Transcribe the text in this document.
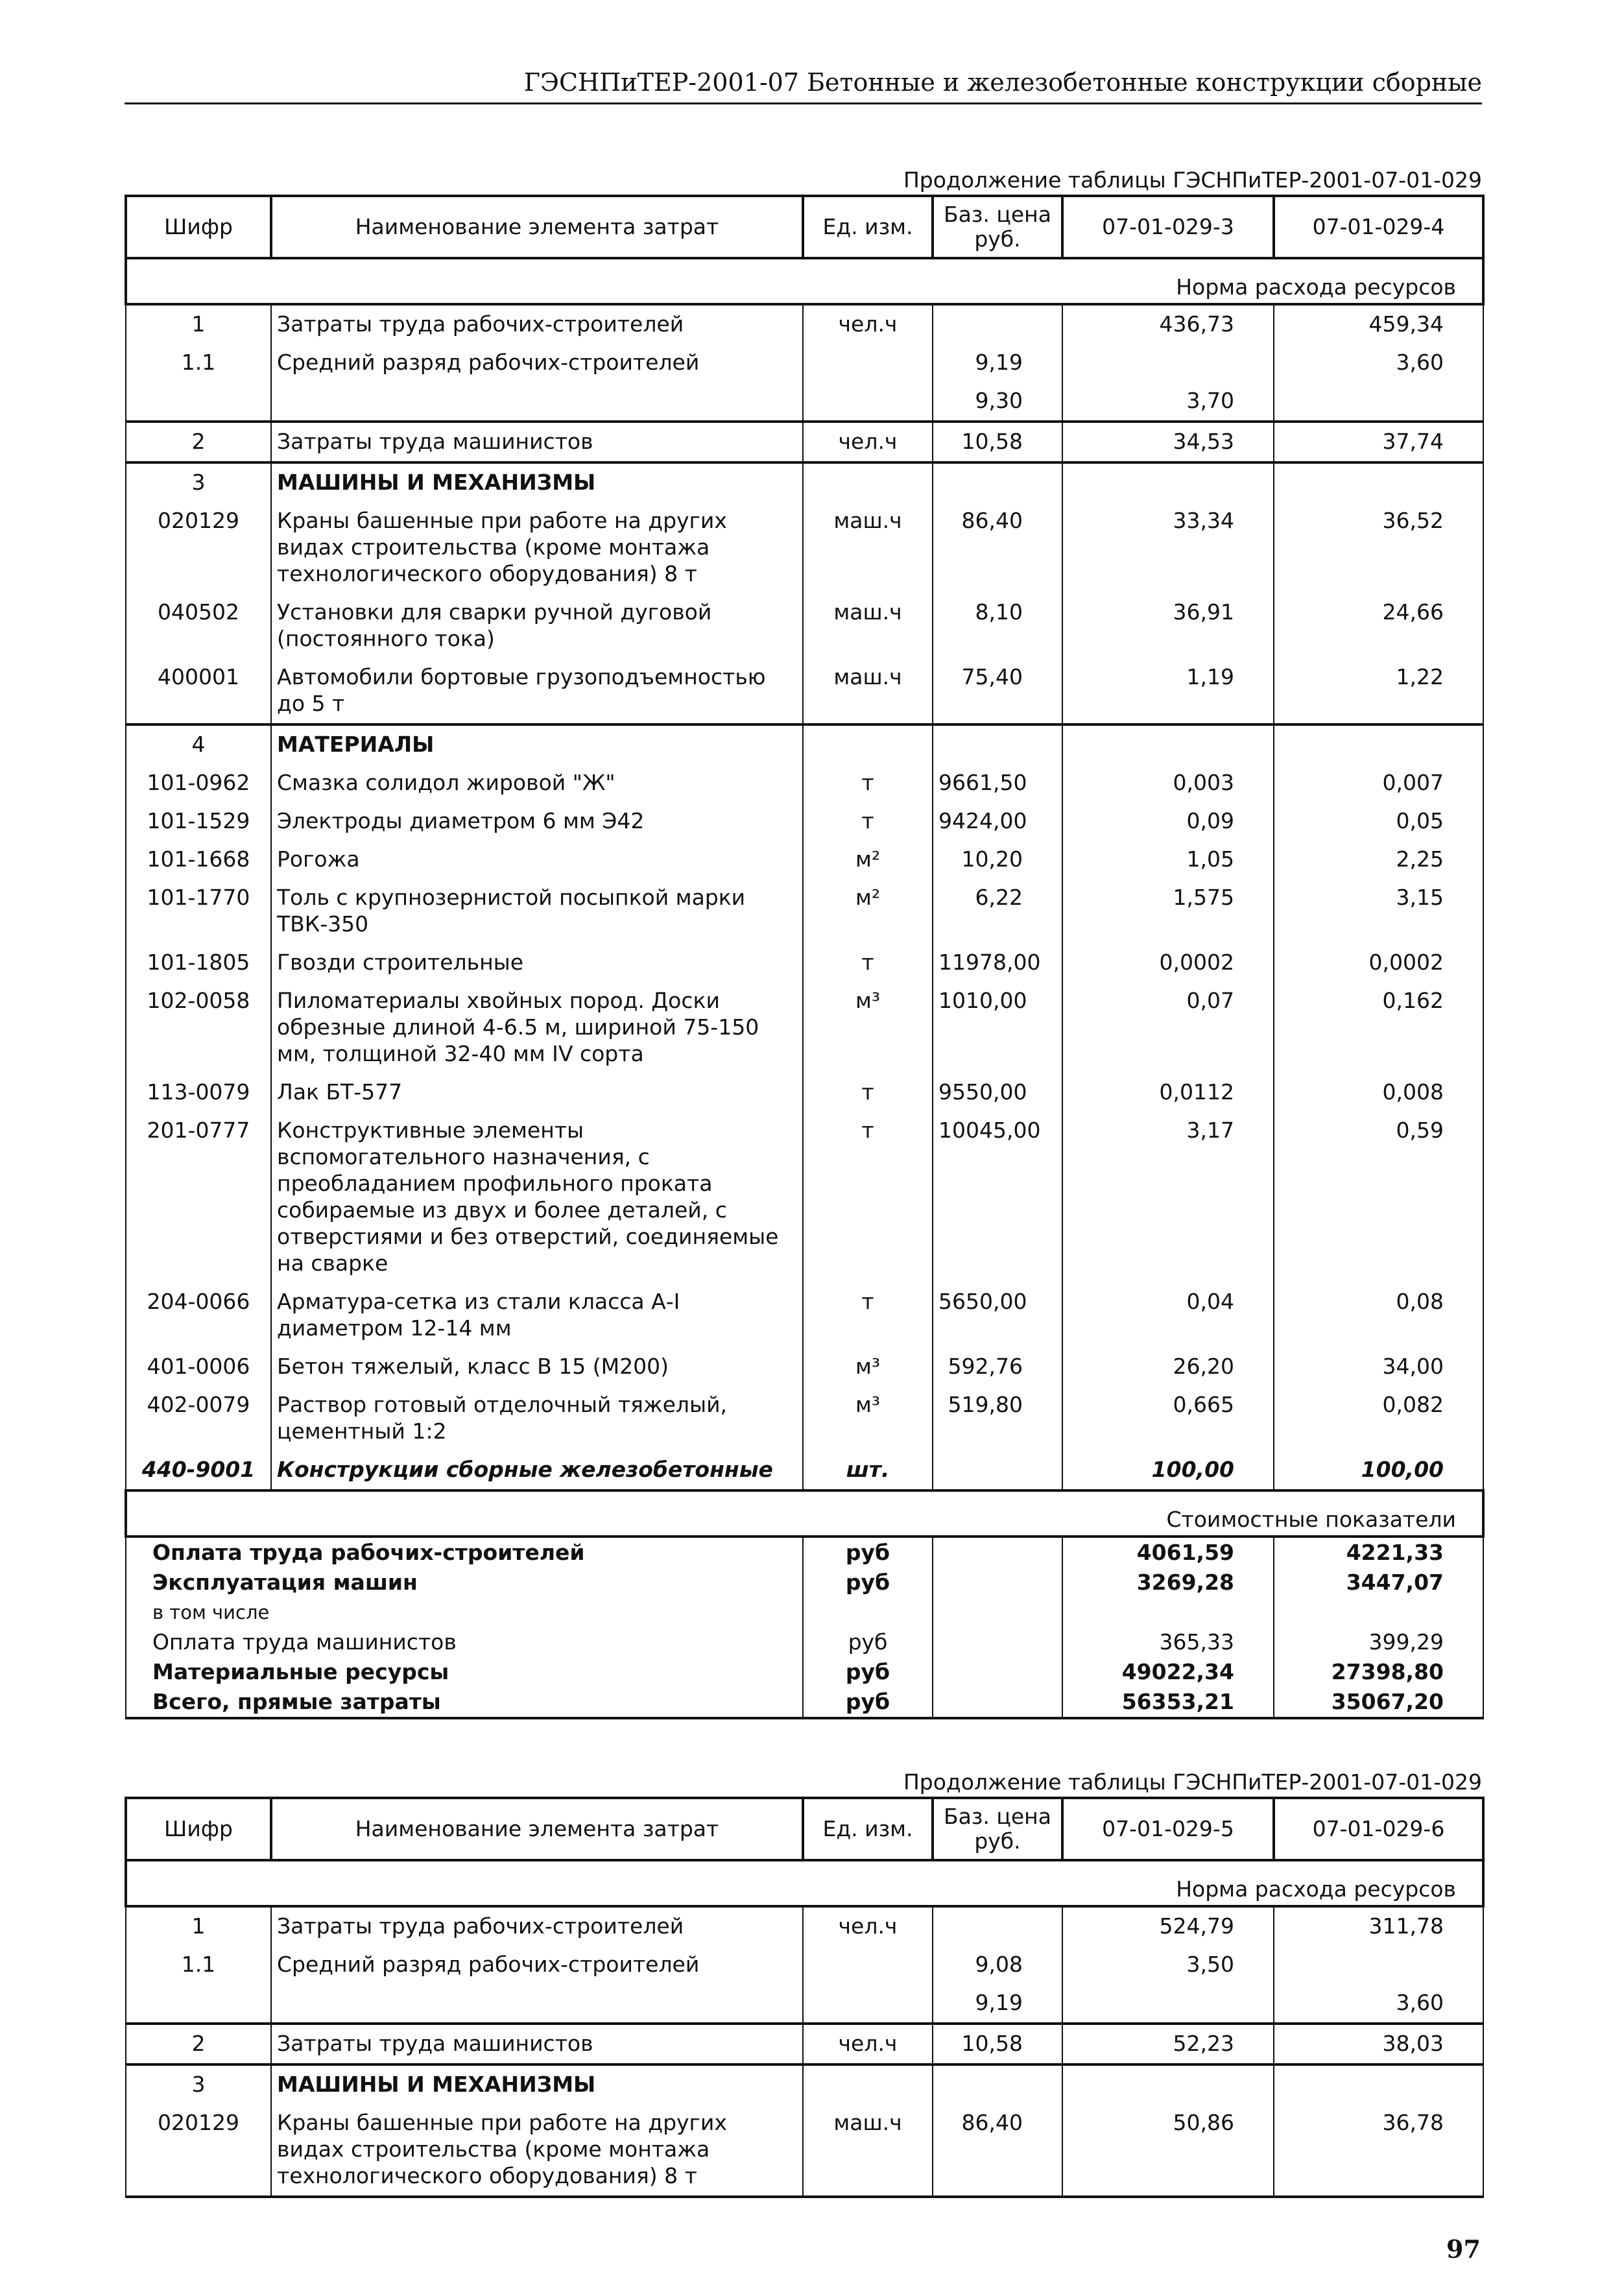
ГЭСНПиТЕР-2001-07 Бетонные и железобетонные конструкции сборные
Продолжение таблицы ГЭСНПиТЕР-2001-07-01-029
Шифр	Наименование элемента затрат	Ед. изм.	Баз. цена руб.	07-01-029-3	07-01-029-4
Норма расхода ресурсов					
1	Затраты труда рабочих-строителей	чел.ч		436,73	459,34
1.1	Средний разряд рабочих-строителей		9,19		3,60
			9,30	3,70	
2	Затраты труда машинистов	чел.ч	10,58	34,53	37,74
3	МАШИНЫ И МЕХАНИЗМЫ				
020129	Краны башенные при работе на других видах строительства (кроме монтажа технологического оборудования) 8 т	маш.ч	86,40	33,34	36,52
040502	Установки для сварки ручной дуговой (постоянного тока)	маш.ч	8,10	36,91	24,66
400001	Автомобили бортовые грузоподъемностью до 5 т	маш.ч	75,40	1,19	1,22
4	МАТЕРИАЛЫ				
101-0962	Смазка солидол жировой "Ж"	т	9661,50	0,003	0,007
101-1529	Электроды диаметром 6 мм Э42	т	9424,00	0,09	0,05
101-1668	Рогожа	м²	10,20	1,05	2,25
101-1770	Толь с крупнозернистой посыпкой марки ТВК-350	м²	6,22	1,575	3,15
101-1805	Гвозди строительные	т	11978,00	0,0002	0,0002
102-0058	Пиломатериалы хвойных пород. Доски обрезные длиной 4-6.5 м, шириной 75-150 мм, толщиной 32-40 мм IV сорта	м³	1010,00	0,07	0,162
113-0079	Лак БТ-577	т	9550,00	0,0112	0,008
201-0777	Конструктивные элементы вспомогательного назначения, с преобладанием профильного проката собираемые из двух и более деталей, с отверстиями и без отверстий, соединяемые на сварке	т	10045,00	3,17	0,59
204-0066	Арматура-сетка из стали класса А-I диаметром 12-14 мм	т	5650,00	0,04	0,08
401-0006	Бетон тяжелый, класс В 15 (М200)	м³	592,76	26,20	34,00
402-0079	Раствор готовый отделочный тяжелый, цементный 1:2	м³	519,80	0,665	0,082
440-9001	Конструкции сборные железобетонные	шт.		100,00	100,00
Стоимостные показатели					
Оплата труда рабочих-строителей		руб		4061,59	4221,33
Эксплуатация машин		руб		3269,28	3447,07
в том числе					
Оплата труда машинистов		руб		365,33	399,29
Материальные ресурсы		руб		49022,34	27398,80
Всего, прямые затраты		руб		56353,21	35067,20
Продолжение таблицы ГЭСНПиТЕР-2001-07-01-029
Шифр	Наименование элемента затрат	Ед. изм.	Баз. цена руб.	07-01-029-5	07-01-029-6
Норма расхода ресурсов					
1	Затраты труда рабочих-строителей	чел.ч		524,79	311,78
1.1	Средний разряд рабочих-строителей		9,08	3,50	
			9,19		3,60
2	Затраты труда машинистов	чел.ч	10,58	52,23	38,03
3	МАШИНЫ И МЕХАНИЗМЫ				
020129	Краны башенные при работе на других видах строительства (кроме монтажа технологического оборудования) 8 т	маш.ч	86,40	50,86	36,78
97
